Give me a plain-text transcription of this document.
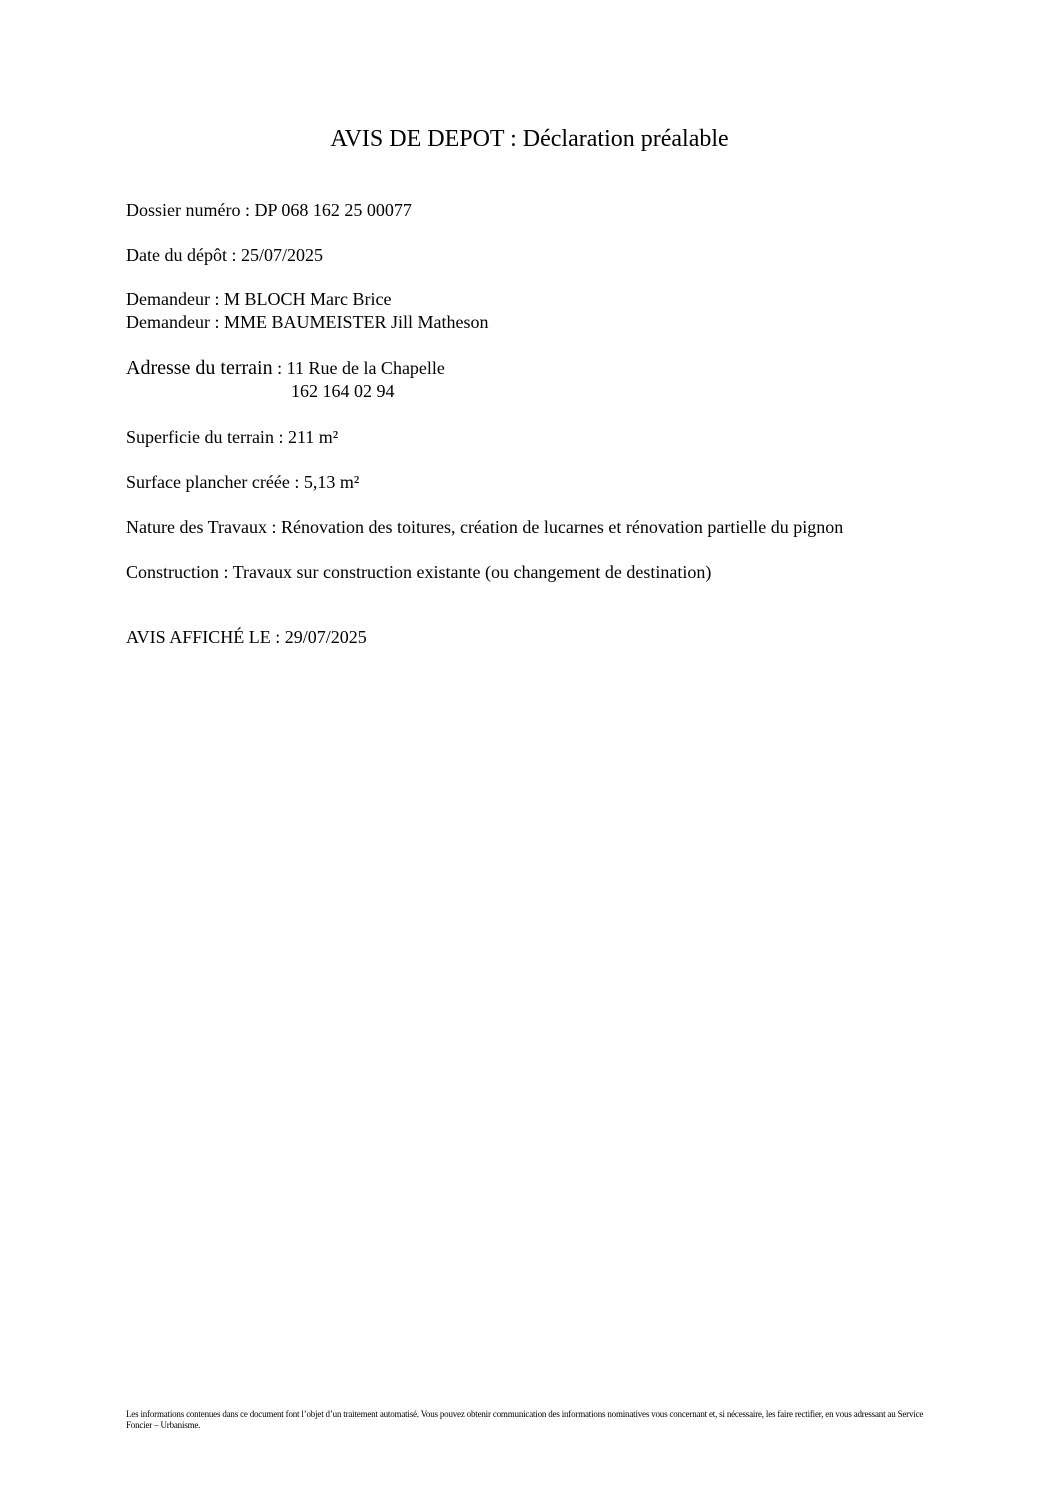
AVIS DE DEPOT : Déclaration préalable
Dossier numéro : DP 068 162 25 00077
Date du dépôt : 25/07/2025
Demandeur : M BLOCH Marc Brice
Demandeur : MME BAUMEISTER Jill Matheson
Adresse du terrain : 11 Rue de la Chapelle
162 164 02 94
Superficie du terrain : 211 m²
Surface plancher créée : 5,13 m²
Nature des Travaux : Rénovation des toitures, création de lucarnes et rénovation partielle du pignon
Construction : Travaux sur construction existante (ou changement de destination)
AVIS AFFICHÉ LE : 29/07/2025
Les informations contenues dans ce document font l’objet d’un traitement automatisé. Vous pouvez obtenir communication des informations nominatives vous concernant et, si nécessaire, les faire rectifier, en vous adressant au Service Foncier – Urbanisme.
